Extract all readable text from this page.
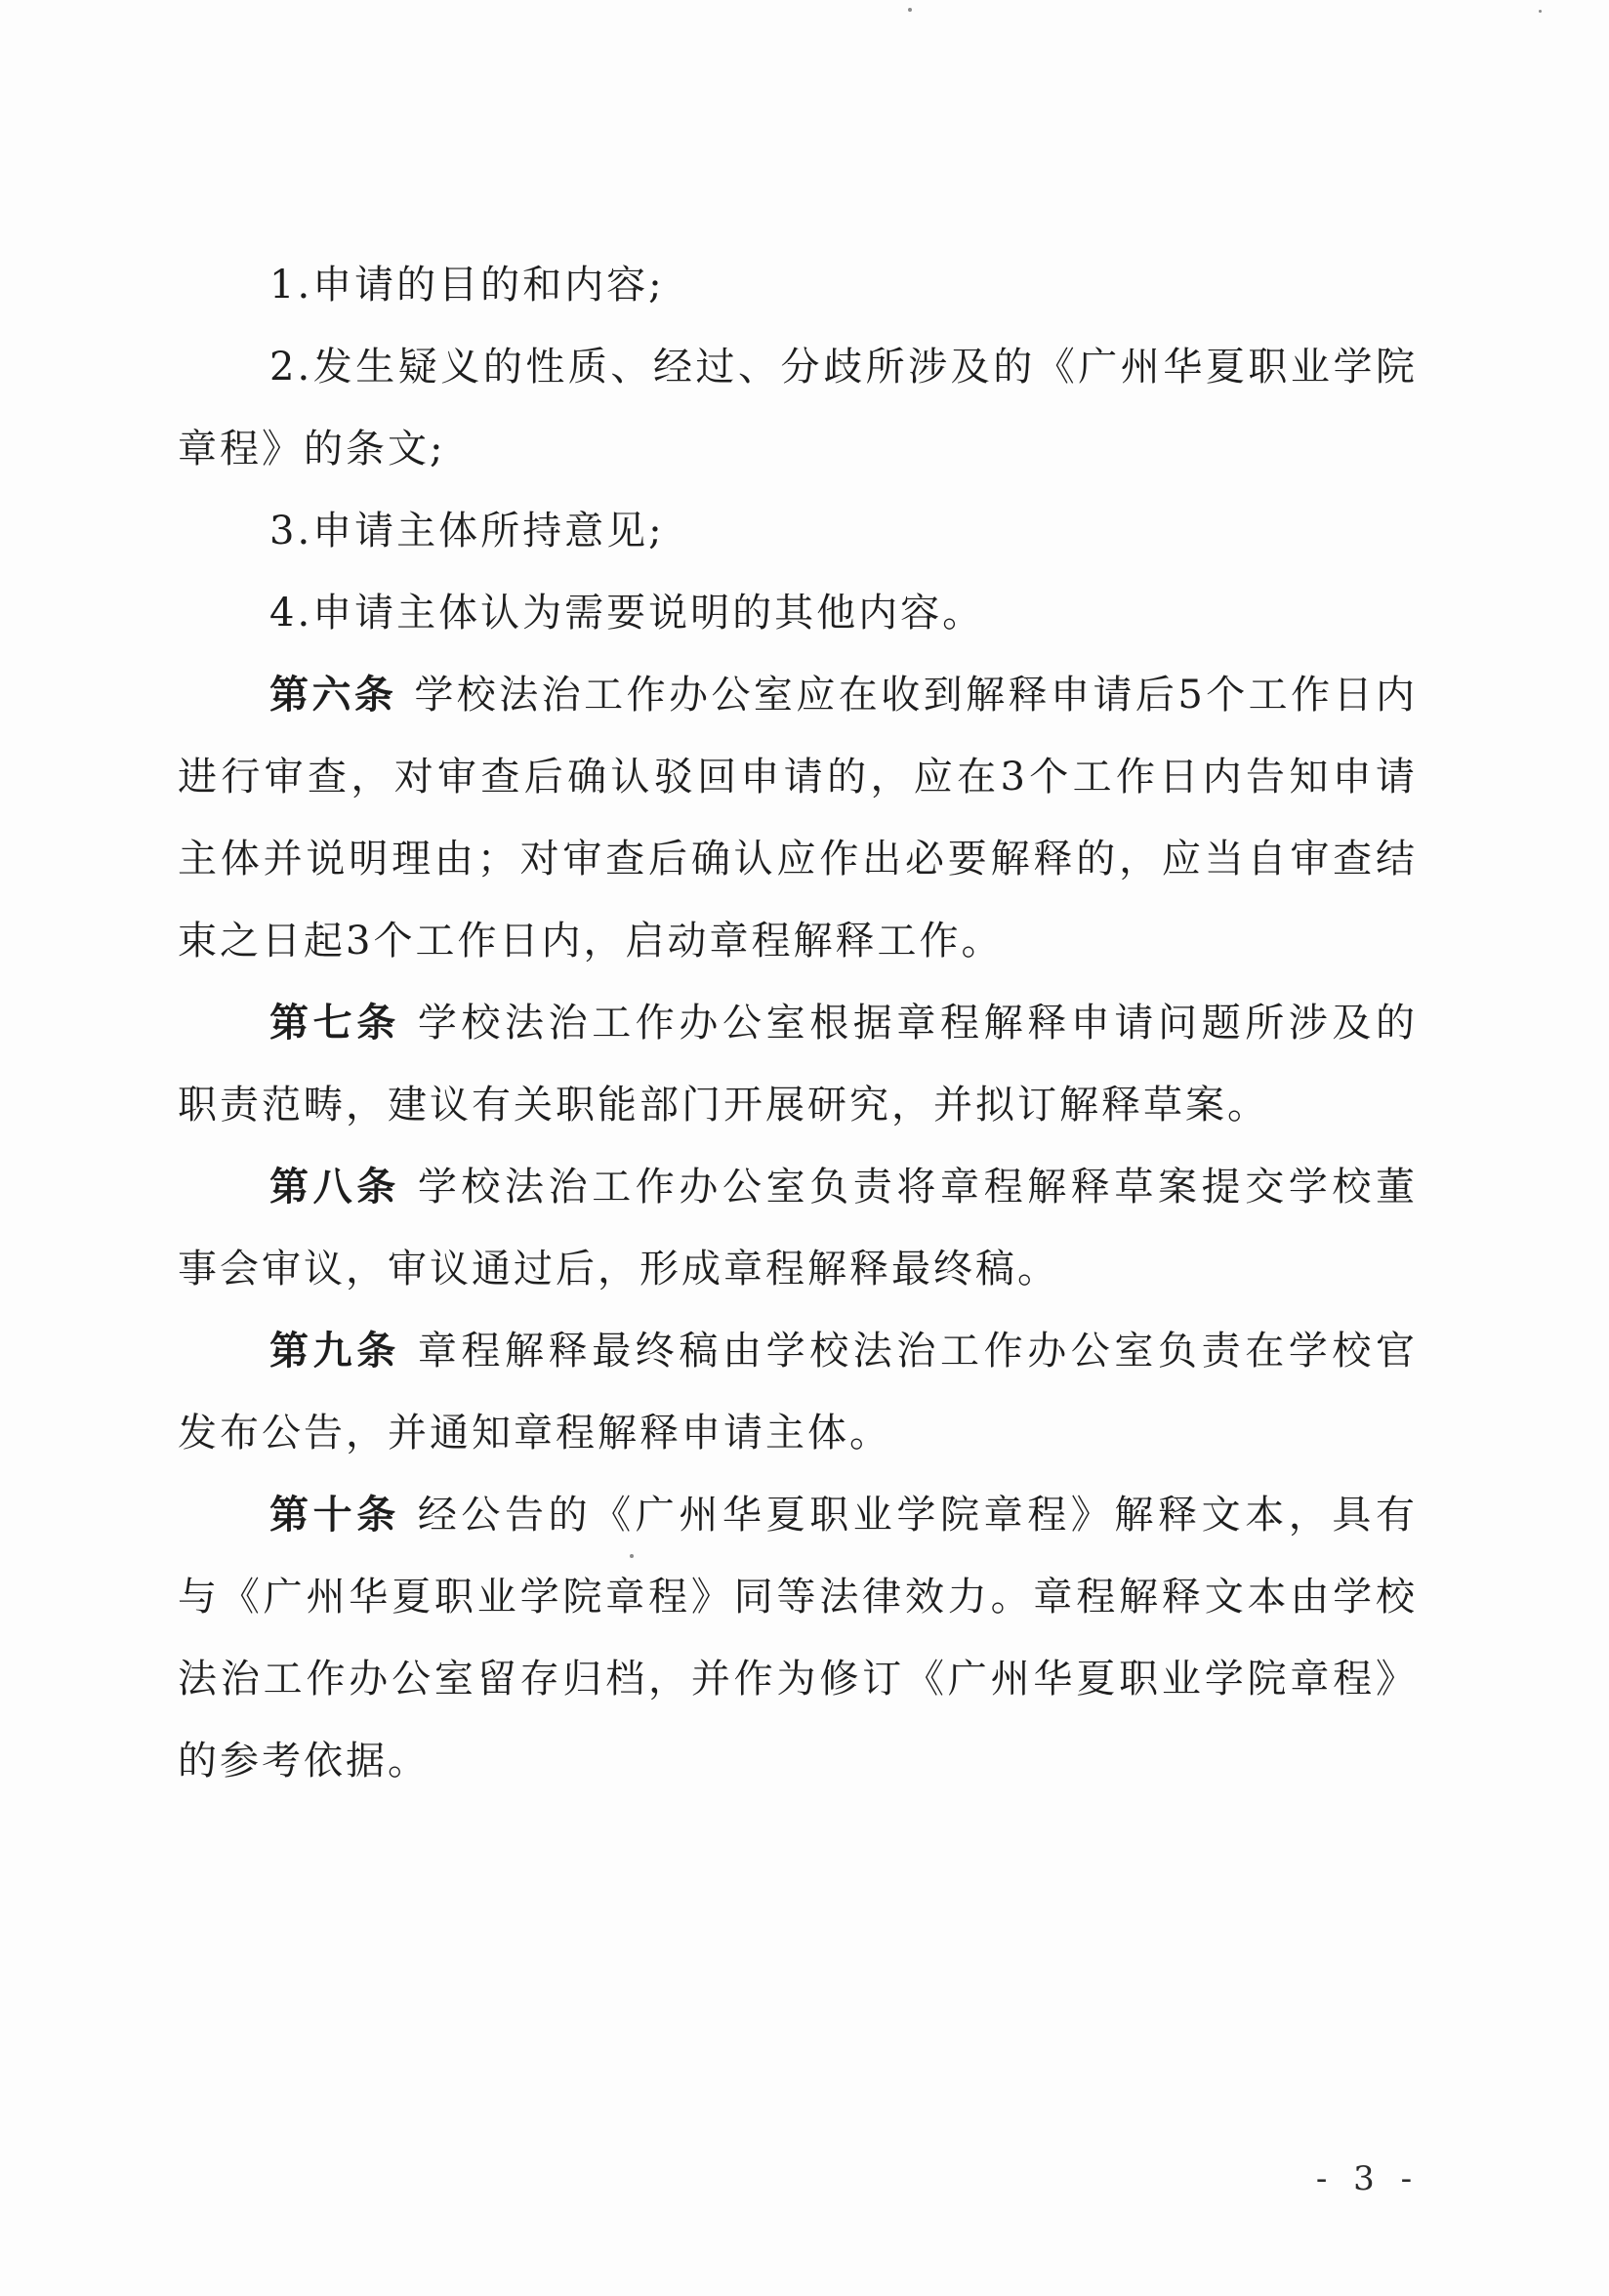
1.申请的目的和内容;

2.发生疑义的性质、经过、分歧所涉及的《广州华夏职业学院章程》的条文;

3.申请主体所持意见;

4.申请主体认为需要说明的其他内容。

第六条 学校法治工作办公室应在收到解释申请后5个工作日内进行审查，对审查后确认驳回申请的，应在3个工作日内告知申请主体并说明理由；对审查后确认应作出必要解释的，应当自审查结束之日起3个工作日内，启动章程解释工作。

第七条 学校法治工作办公室根据章程解释申请问题所涉及的职责范畴，建议有关职能部门开展研究，并拟订解释草案。

第八条 学校法治工作办公室负责将章程解释草案提交学校董事会审议，审议通过后，形成章程解释最终稿。

第九条 章程解释最终稿由学校法治工作办公室负责在学校官发布公告，并通知章程解释申请主体。

第十条 经公告的《广州华夏职业学院章程》解释文本，具有与《广州华夏职业学院章程》同等法律效力。章程解释文本由学校法治工作办公室留存归档，并作为修订《广州华夏职业学院章程》的参考依据。

- 3 -
